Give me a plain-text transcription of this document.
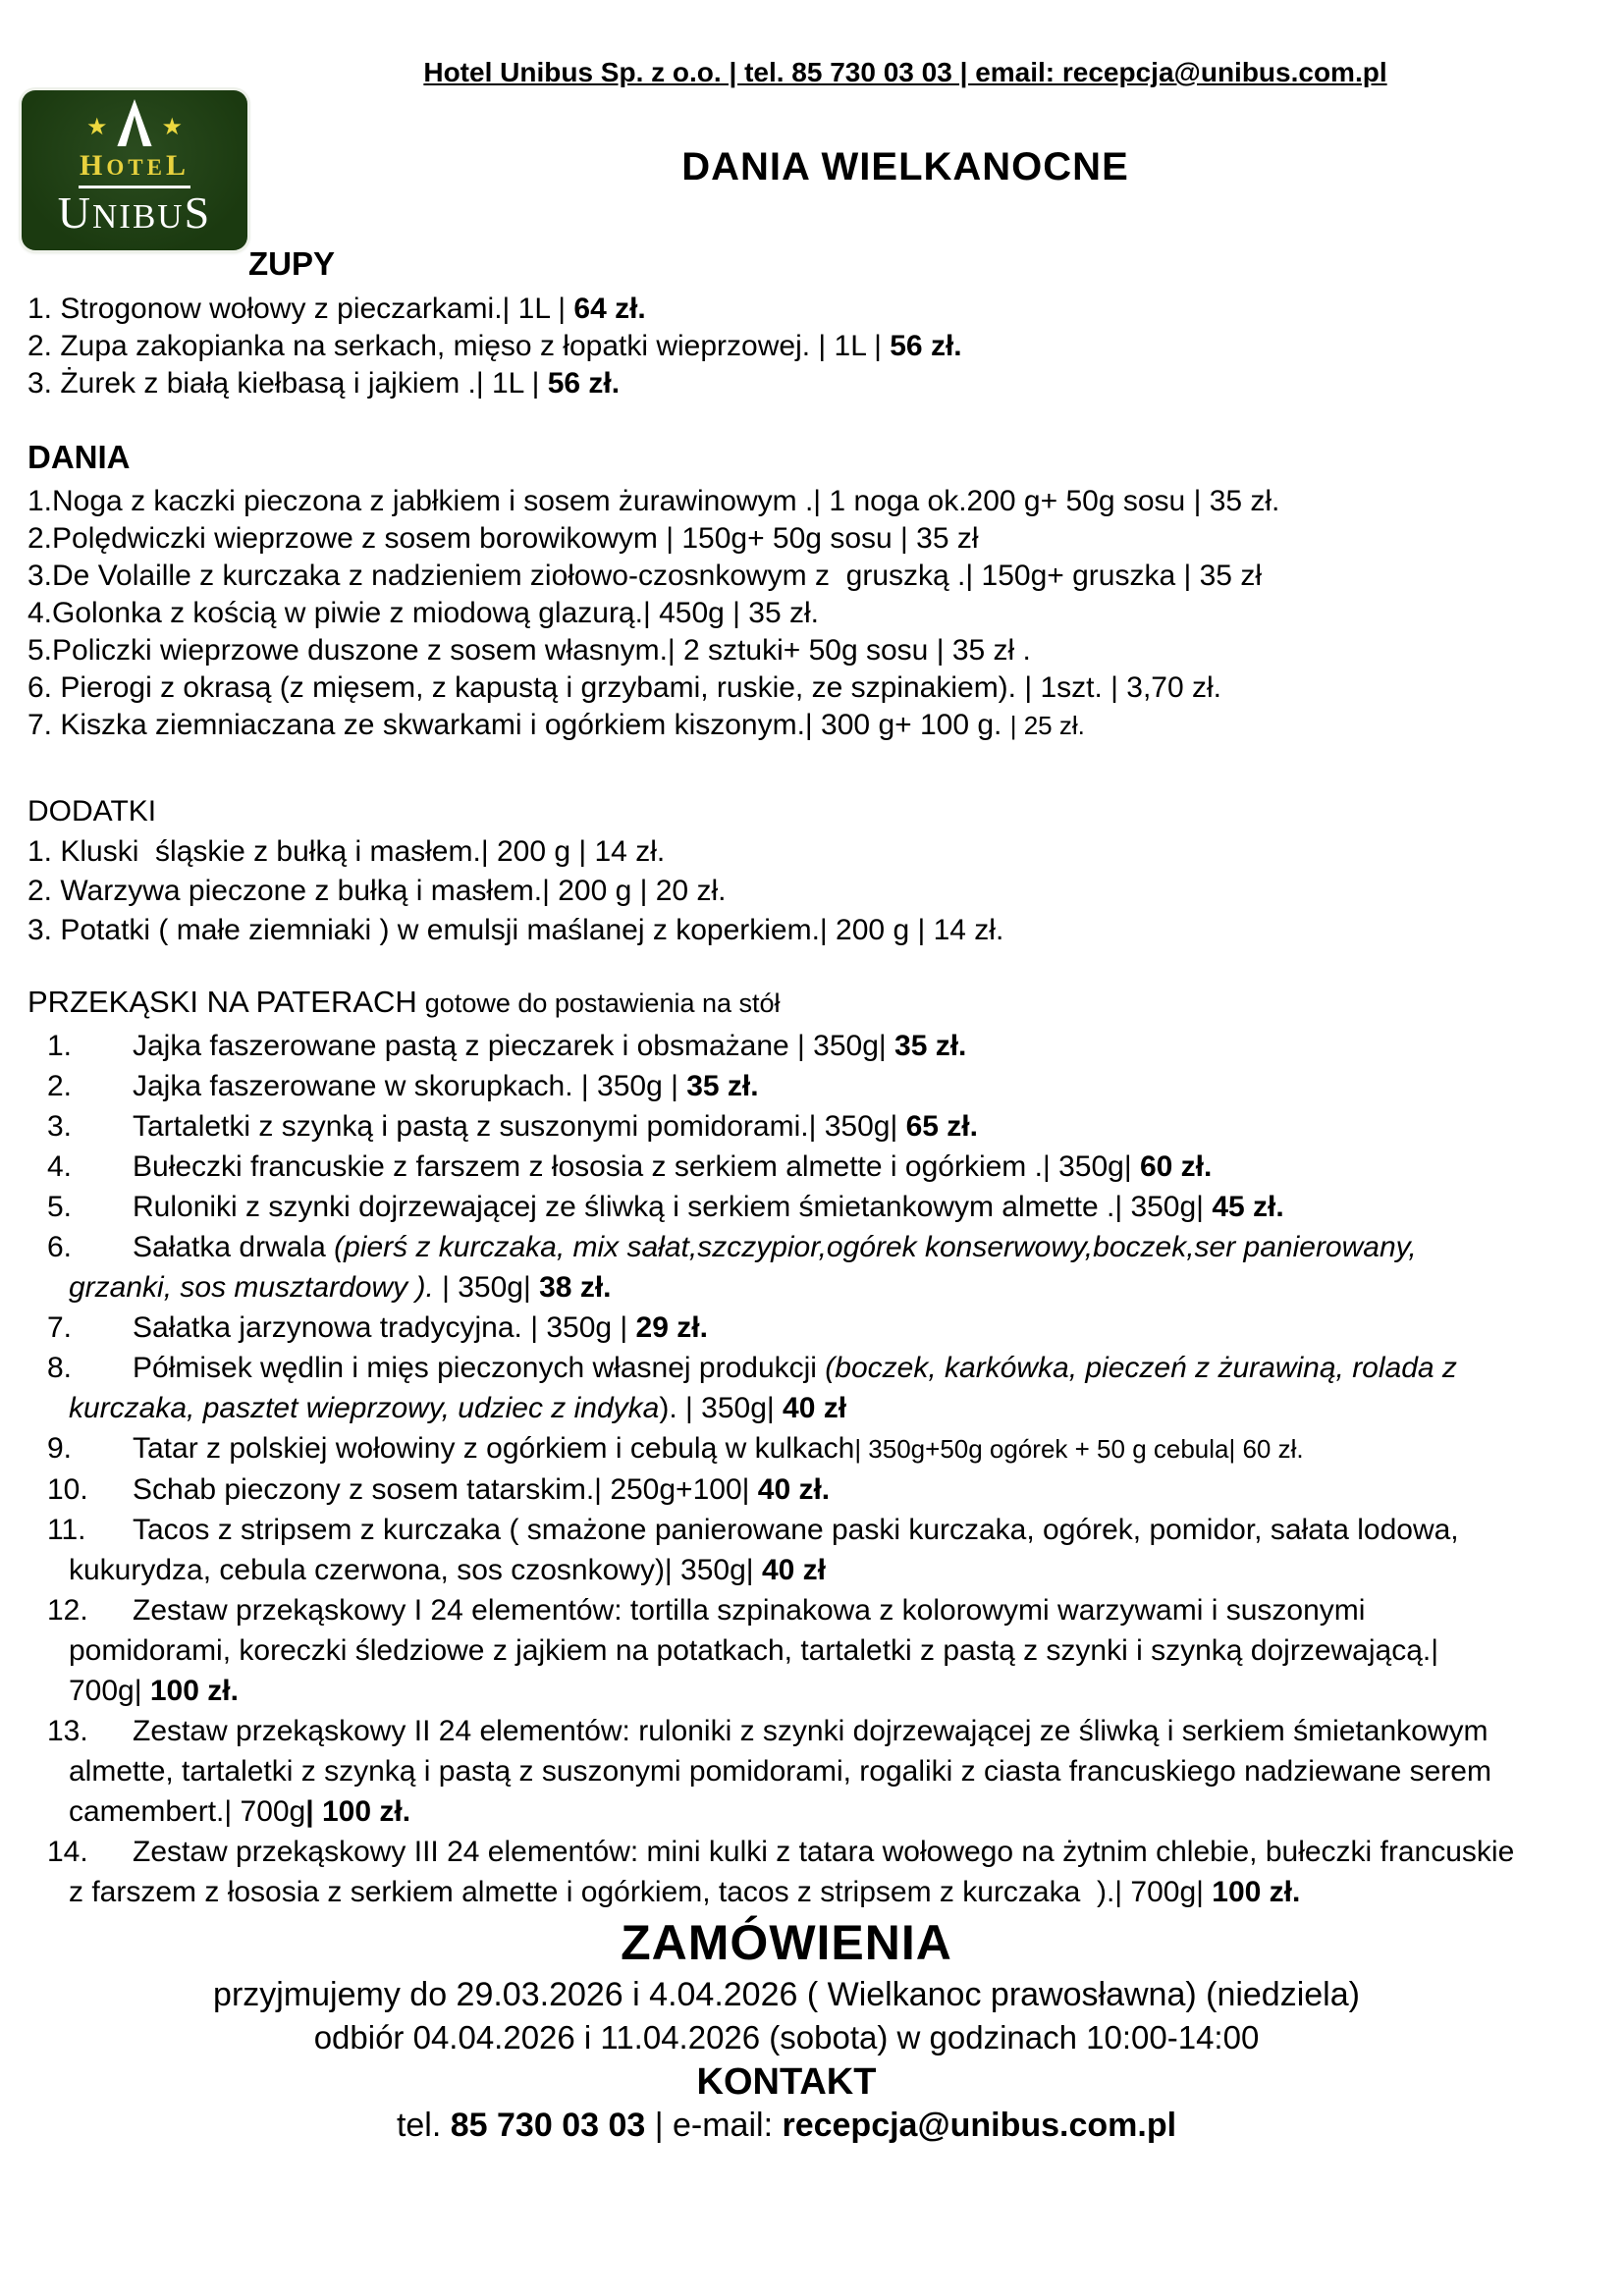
★ ★
HOTEL
UNIBUS
Hotel Unibus Sp. z o.o. | tel. 85 730 03 03 | email: recepcja@unibus.com.pl
DANIA WIELKANOCNE
ZUPY
1. Strogonow wołowy z pieczarkami.| 1L | 64 zł.
2. Zupa zakopianka na serkach, mięso z łopatki wieprzowej. | 1L | 56 zł.
3. Żurek z białą kiełbasą i jajkiem .| 1L | 56 zł.
DANIA
1.Noga z kaczki pieczona z jabłkiem i sosem żurawinowym .| 1 noga ok.200 g+ 50g sosu | 35 zł.
2.Polędwiczki wieprzowe z sosem borowikowym | 150g+ 50g sosu | 35 zł
3.De Volaille z kurczaka z nadzieniem ziołowo-czosnkowym z  gruszką .| 150g+ gruszka | 35 zł
4.Golonka z kością w piwie z miodową glazurą.| 450g | 35 zł.
5.Policzki wieprzowe duszone z sosem własnym.| 2 sztuki+ 50g sosu | 35 zł .
6. Pierogi z okrasą (z mięsem, z kapustą i grzybami, ruskie, ze szpinakiem). | 1szt. | 3,70 zł.
7. Kiszka ziemniaczana ze skwarkami i ogórkiem kiszonym.| 300 g+ 100 g. | 25 zł.
DODATKI
1. Kluski  śląskie z bułką i masłem.| 200 g | 14 zł.
2. Warzywa pieczone z bułką i masłem.| 200 g | 20 zł.
3. Potatki ( małe ziemniaki ) w emulsji maślanej z koperkiem.| 200 g | 14 zł.
PRZEKĄSKI NA PATERACH gotowe do postawienia na stół
1. Jajka faszerowane pastą z pieczarek i obsmażane | 350g| 35 zł.
2. Jajka faszerowane w skorupkach. | 350g | 35 zł.
3. Tartaletki z szynką i pastą z suszonymi pomidorami.| 350g| 65 zł.
4. Bułeczki francuskie z farszem z łososia z serkiem almette i ogórkiem .| 350g| 60 zł.
5. Ruloniki z szynki dojrzewającej ze śliwką i serkiem śmietankowym almette .| 350g| 45 zł.
6. Sałatka drwala (pierś z kurczaka, mix sałat,szczypior,ogórek konserwowy,boczek,ser panierowany, grzanki, sos musztardowy ). | 350g| 38 zł.
7. Sałatka jarzynowa tradycyjna. | 350g | 29 zł.
8. Półmisek wędlin i mięs pieczonych własnej produkcji (boczek, karkówka, pieczeń z żurawiną, rolada z kurczaka, pasztet wieprzowy, udziec z indyka). | 350g| 40 zł
9. Tatar z polskiej wołowiny z ogórkiem i cebulą w kulkach| 350g+50g ogórek + 50 g cebula| 60 zł.
10. Schab pieczony z sosem tatarskim.| 250g+100| 40 zł.
11. Tacos z stripsem z kurczaka ( smażone panierowane paski kurczaka, ogórek, pomidor, sałata lodowa, kukurydza, cebula czerwona, sos czosnkowy)| 350g| 40 zł
12. Zestaw przekąskowy I 24 elementów: tortilla szpinakowa z kolorowymi warzywami i suszonymi pomidorami, koreczki śledziowe z jajkiem na potatkach, tartaletki z pastą z szynki i szynką dojrzewającą.| 700g| 100 zł.
13. Zestaw przekąskowy II 24 elementów: ruloniki z szynki dojrzewającej ze śliwką i serkiem śmietankowym almette, tartaletki z szynką i pastą z suszonymi pomidorami, rogaliki z ciasta francuskiego nadziewane serem camembert.| 700g| 100 zł.
14. Zestaw przekąskowy III 24 elementów: mini kulki z tatara wołowego na żytnim chlebie, bułeczki francuskie z farszem z łososia z serkiem almette i ogórkiem, tacos z stripsem z kurczaka  ).| 700g| 100 zł.
ZAMÓWIENIA
przyjmujemy do 29.03.2026 i 4.04.2026 ( Wielkanoc prawosławna) (niedziela)
odbiór 04.04.2026 i 11.04.2026 (sobota) w godzinach 10:00-14:00
KONTAKT
tel. 85 730 03 03 | e-mail: recepcja@unibus.com.pl
